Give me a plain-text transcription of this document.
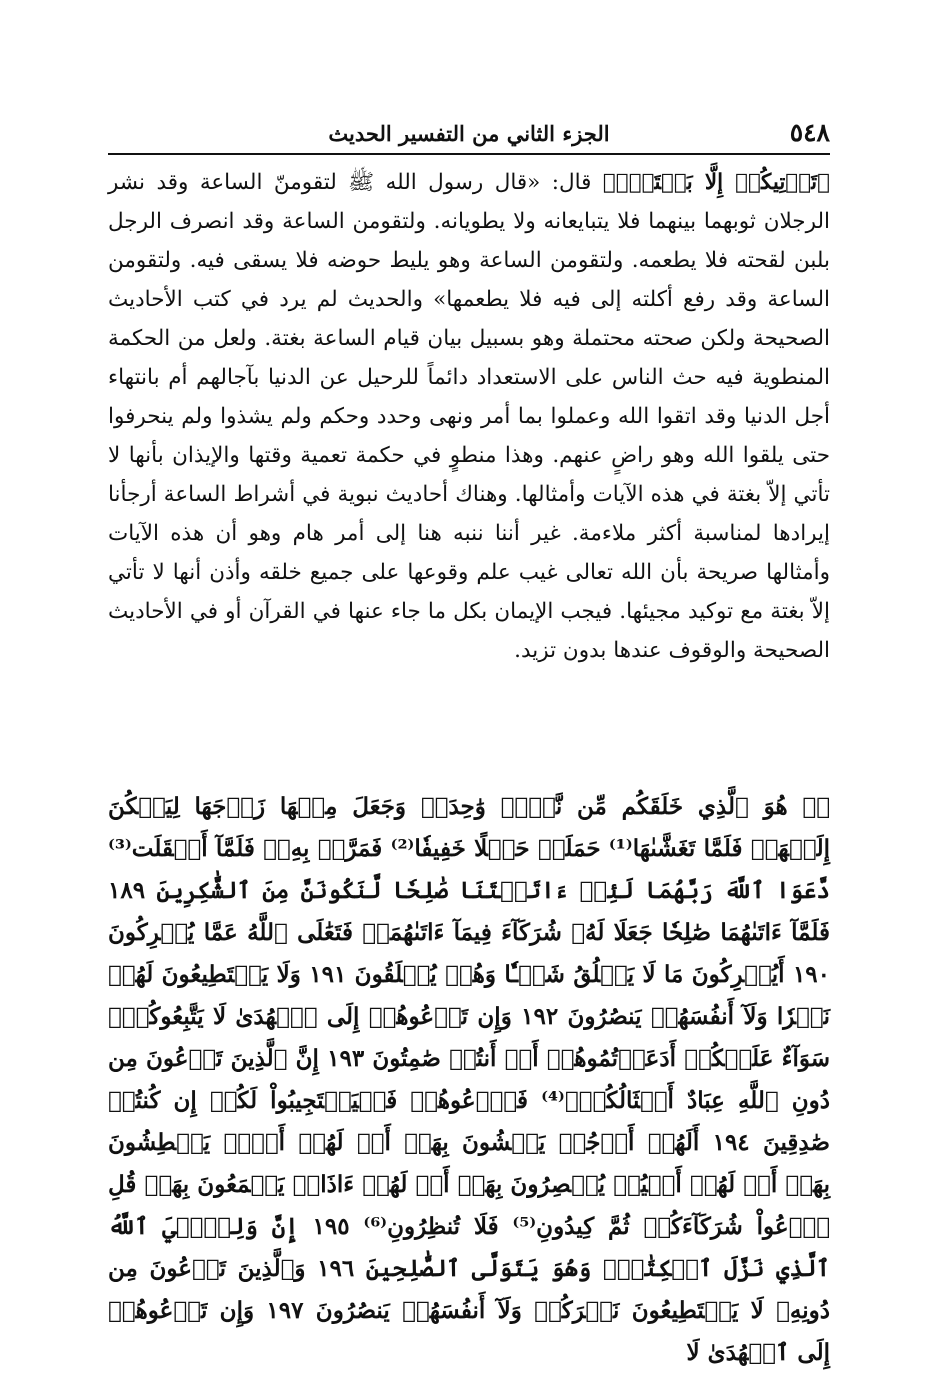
٥٤٨
الجزء الثاني من التفسير الحديث

﴿تَأۡتِيكُمۡ إِلَّا بَغۡتَةٗۗ﴾ قال: «قال رسول الله ﷺ لتقومنّ الساعة وقد نشر الرجلان ثوبهما بينهما فلا يتبايعانه ولا يطويانه. ولتقومن الساعة وقد انصرف الرجل بلبن لقحته فلا يطعمه. ولتقومن الساعة وهو يليط حوضه فلا يسقى فيه. ولتقومن الساعة وقد رفع أكلته إلى فيه فلا يطعمها» والحديث لم يرد في كتب الأحاديث الصحيحة ولكن صحته محتملة وهو بسبيل بيان قيام الساعة بغتة. ولعل من الحكمة المنطوية فيه حث الناس على الاستعداد دائماً للرحيل عن الدنيا بآجالهم أم بانتهاء أجل الدنيا وقد اتقوا الله وعملوا بما أمر ونهى وحدد وحكم ولم يشذوا ولم ينحرفوا حتى يلقوا الله وهو راضٍ عنهم. وهذا منطوٍ في حكمة تعمية وقتها والإيذان بأنها لا تأتي إلاّ بغتة في هذه الآيات وأمثالها. وهناك أحاديث نبوية في أشراط الساعة أرجأنا إيرادها لمناسبة أكثر ملاءمة. غير أننا ننبه هنا إلى أمر هام وهو أن هذه الآيات وأمثالها صريحة بأن الله تعالى غيب علم وقوعها على جميع خلقه وأذن أنها لا تأتي إلاّ بغتة مع توكيد مجيئها. فيجب الإيمان بكل ما جاء عنها في القرآن أو في الأحاديث الصحيحة والوقوف عندها بدون تزيد.

﴿۞ هُوَ ٱلَّذِي خَلَقَكُم مِّن نَّفۡسٖ وَٰحِدَةٖ وَجَعَلَ مِنۡهَا زَوۡجَهَا لِيَسۡكُنَ إِلَيۡهَاۖ فَلَمَّا تَغَشَّىٰهَا⁽¹⁾ حَمَلَتۡ حَمۡلًا خَفِيفٗا⁽²⁾ فَمَرَّتۡ بِهِۦۖ فَلَمَّآ أَثۡقَلَت⁽³⁾ دَّعَوَا ٱللَّهَ رَبَّهُمَا لَئِنۡ ءَاتَيۡتَنَا صَٰلِحٗا لَّنَكُونَنَّ مِنَ ٱلشَّٰكِرِينَ ١٨٩ فَلَمَّآ ءَاتَىٰهُمَا صَٰلِحٗا جَعَلَا لَهُۥ شُرَكَآءَ فِيمَآ ءَاتَىٰهُمَاۚ فَتَعَٰلَى ٱللَّهُ عَمَّا يُشۡرِكُونَ ١٩٠ أَيُشۡرِكُونَ مَا لَا يَخۡلُقُ شَيۡـٔٗا وَهُمۡ يُخۡلَقُونَ ١٩١ وَلَا يَسۡتَطِيعُونَ لَهُمۡ نَصۡرٗا وَلَآ أَنفُسَهُمۡ يَنصُرُونَ ١٩٢ وَإِن تَدۡعُوهُمۡ إِلَى ٱلۡهُدَىٰ لَا يَتَّبِعُوكُمۡۚ سَوَآءٌ عَلَيۡكُمۡ أَدَعَوۡتُمُوهُمۡ أَمۡ أَنتُمۡ صَٰمِتُونَ ١٩٣ إِنَّ ٱلَّذِينَ تَدۡعُونَ مِن دُونِ ٱللَّهِ عِبَادٌ أَمۡثَالُكُمۡۖ⁽⁴⁾ فَٱدۡعُوهُمۡ فَلۡيَسۡتَجِيبُواْ لَكُمۡ إِن كُنتُمۡ صَٰدِقِينَ ١٩٤ أَلَهُمۡ أَرۡجُلٞ يَمۡشُونَ بِهَآۖ أَمۡ لَهُمۡ أَيۡدٖ يَبۡطِشُونَ بِهَآۖ أَمۡ لَهُمۡ أَعۡيُنٞ يُبۡصِرُونَ بِهَآۖ أَمۡ لَهُمۡ ءَاذَانٞ يَسۡمَعُونَ بِهَاۗ قُلِ ٱدۡعُواْ شُرَكَآءَكُمۡ ثُمَّ كِيدُونِ⁽⁵⁾ فَلَا تُنظِرُونِ⁽⁶⁾ ١٩٥ إِنَّ وَلِـِّۧيَ ٱللَّهُ ٱلَّذِي نَزَّلَ ٱلۡكِتَٰبَۖ وَهُوَ يَتَوَلَّى ٱلصَّٰلِحِينَ ١٩٦ وَٱلَّذِينَ تَدۡعُونَ مِن دُونِهِۦ لَا يَسۡتَطِيعُونَ نَصۡرَكُمۡ وَلَآ أَنفُسَهُمۡ يَنصُرُونَ ١٩٧ وَإِن تَدۡعُوهُمۡ إِلَى ٱلۡهُدَىٰ لَا
